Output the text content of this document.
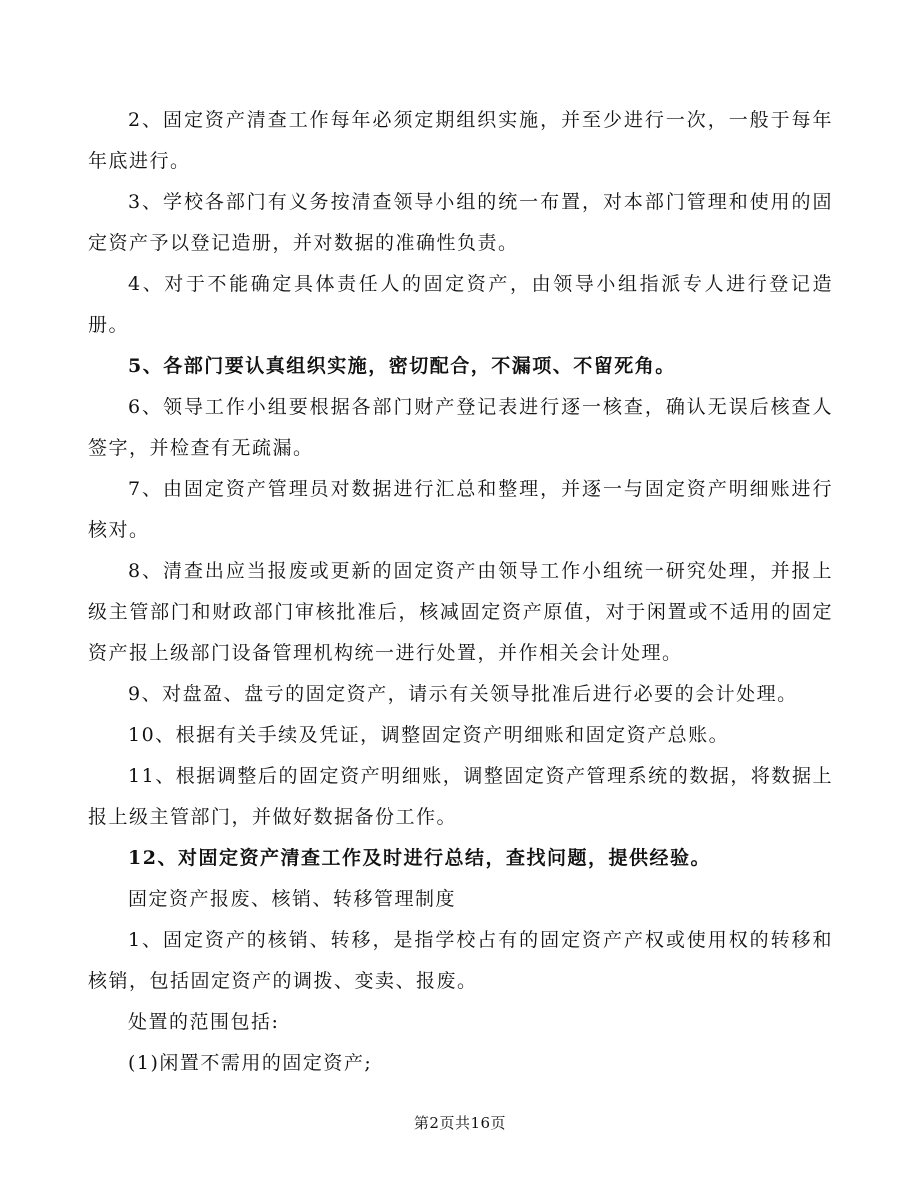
2、固定资产清查工作每年必须定期组织实施，并至少进行一次，一般于每年年底进行。

3、学校各部门有义务按清查领导小组的统一布置，对本部门管理和使用的固定资产予以登记造册，并对数据的准确性负责。

4、对于不能确定具体责任人的固定资产，由领导小组指派专人进行登记造册。

5、各部门要认真组织实施，密切配合，不漏项、不留死角。

6、领导工作小组要根据各部门财产登记表进行逐一核查，确认无误后核查人签字，并检查有无疏漏。

7、由固定资产管理员对数据进行汇总和整理，并逐一与固定资产明细账进行核对。

8、清查出应当报废或更新的固定资产由领导工作小组统一研究处理，并报上级主管部门和财政部门审核批准后，核减固定资产原值，对于闲置或不适用的固定资产报上级部门设备管理机构统一进行处置，并作相关会计处理。

9、对盘盈、盘亏的固定资产，请示有关领导批准后进行必要的会计处理。

10、根据有关手续及凭证，调整固定资产明细账和固定资产总账。

11、根据调整后的固定资产明细账，调整固定资产管理系统的数据，将数据上报上级主管部门，并做好数据备份工作。

12、对固定资产清查工作及时进行总结，查找问题，提供经验。

固定资产报废、核销、转移管理制度

1、固定资产的核销、转移，是指学校占有的固定资产产权或使用权的转移和核销，包括固定资产的调拨、变卖、报废。

处置的范围包括:

(1)闲置不需用的固定资产;

第2页共16页
